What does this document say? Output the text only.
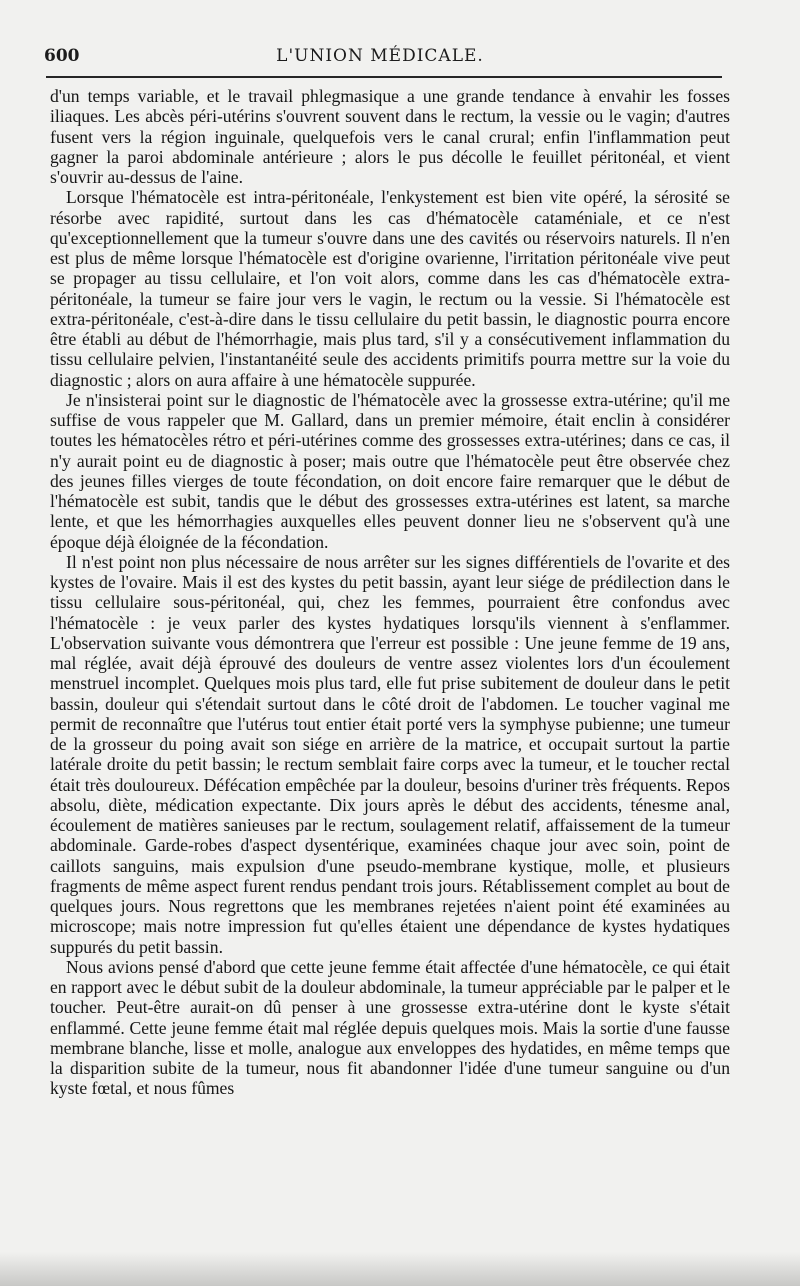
600	L'UNION MÉDICALE.

d'un temps variable, et le travail phlegmasique a une grande tendance à envahir les fosses iliaques. Les abcès péri-utérins s'ouvrent souvent dans le rectum, la vessie ou le vagin; d'autres fusent vers la région inguinale, quelquefois vers le canal crural; enfin l'inflammation peut gagner la paroi abdominale antérieure ; alors le pus décolle le feuillet péritonéal, et vient s'ouvrir au-dessus de l'aine.

Lorsque l'hématocèle est intra-péritonéale, l'enkystement est bien vite opéré, la sérosité se résorbe avec rapidité, surtout dans les cas d'hématocèle cataméniale, et ce n'est qu'exceptionnellement que la tumeur s'ouvre dans une des cavités ou réservoirs naturels. Il n'en est plus de même lorsque l'hématocèle est d'origine ovarienne, l'irritation péritonéale vive peut se propager au tissu cellulaire, et l'on voit alors, comme dans les cas d'hématocèle extra-péritonéale, la tumeur se faire jour vers le vagin, le rectum ou la vessie. Si l'hématocèle est extra-péritonéale, c'est-à-dire dans le tissu cellulaire du petit bassin, le diagnostic pourra encore être établi au début de l'hémorrhagie, mais plus tard, s'il y a consécutivement inflammation du tissu cellulaire pelvien, l'instantanéité seule des accidents primitifs pourra mettre sur la voie du diagnostic ; alors on aura affaire à une hématocèle suppurée.

Je n'insisterai point sur le diagnostic de l'hématocèle avec la grossesse extra-utérine; qu'il me suffise de vous rappeler que M. Gallard, dans un premier mémoire, était enclin à considérer toutes les hématocèles rétro et péri-utérines comme des grossesses extra-utérines; dans ce cas, il n'y aurait point eu de diagnostic à poser; mais outre que l'hématocèle peut être observée chez des jeunes filles vierges de toute fécondation, on doit encore faire remarquer que le début de l'hématocèle est subit, tandis que le début des grossesses extra-utérines est latent, sa marche lente, et que les hémorrhagies auxquelles elles peuvent donner lieu ne s'observent qu'à une époque déjà éloignée de la fécondation.

Il n'est point non plus nécessaire de nous arrêter sur les signes différentiels de l'ovarite et des kystes de l'ovaire. Mais il est des kystes du petit bassin, ayant leur siége de prédilection dans le tissu cellulaire sous-péritonéal, qui, chez les femmes, pourraient être confondus avec l'hématocèle : je veux parler des kystes hydatiques lorsqu'ils viennent à s'enflammer. L'observation suivante vous démontrera que l'erreur est possible : Une jeune femme de 19 ans, mal réglée, avait déjà éprouvé des douleurs de ventre assez violentes lors d'un écoulement menstruel incomplet. Quelques mois plus tard, elle fut prise subitement de douleur dans le petit bassin, douleur qui s'étendait surtout dans le côté droit de l'abdomen. Le toucher vaginal me permit de reconnaître que l'utérus tout entier était porté vers la symphyse pubienne; une tumeur de la grosseur du poing avait son siége en arrière de la matrice, et occupait surtout la partie latérale droite du petit bassin; le rectum semblait faire corps avec la tumeur, et le toucher rectal était très douloureux. Défécation empêchée par la douleur, besoins d'uriner très fréquents. Repos absolu, diète, médication expectante. Dix jours après le début des accidents, ténesme anal, écoulement de matières sanieuses par le rectum, soulagement relatif, affaissement de la tumeur abdominale. Garde-robes d'aspect dysentérique, examinées chaque jour avec soin, point de caillots sanguins, mais expulsion d'une pseudo-membrane kystique, molle, et plusieurs fragments de même aspect furent rendus pendant trois jours. Rétablissement complet au bout de quelques jours. Nous regrettons que les membranes rejetées n'aient point été examinées au microscope; mais notre impression fut qu'elles étaient une dépendance de kystes hydatiques suppurés du petit bassin.

Nous avions pensé d'abord que cette jeune femme était affectée d'une hématocèle, ce qui était en rapport avec le début subit de la douleur abdominale, la tumeur appréciable par le palper et le toucher. Peut-être aurait-on dû penser à une grossesse extra-utérine dont le kyste s'était enflammé. Cette jeune femme était mal réglée depuis quelques mois. Mais la sortie d'une fausse membrane blanche, lisse et molle, analogue aux enveloppes des hydatides, en même temps que la disparition subite de la tumeur, nous fit abandonner l'idée d'une tumeur sanguine ou d'un kyste fœtal, et nous fûmes
